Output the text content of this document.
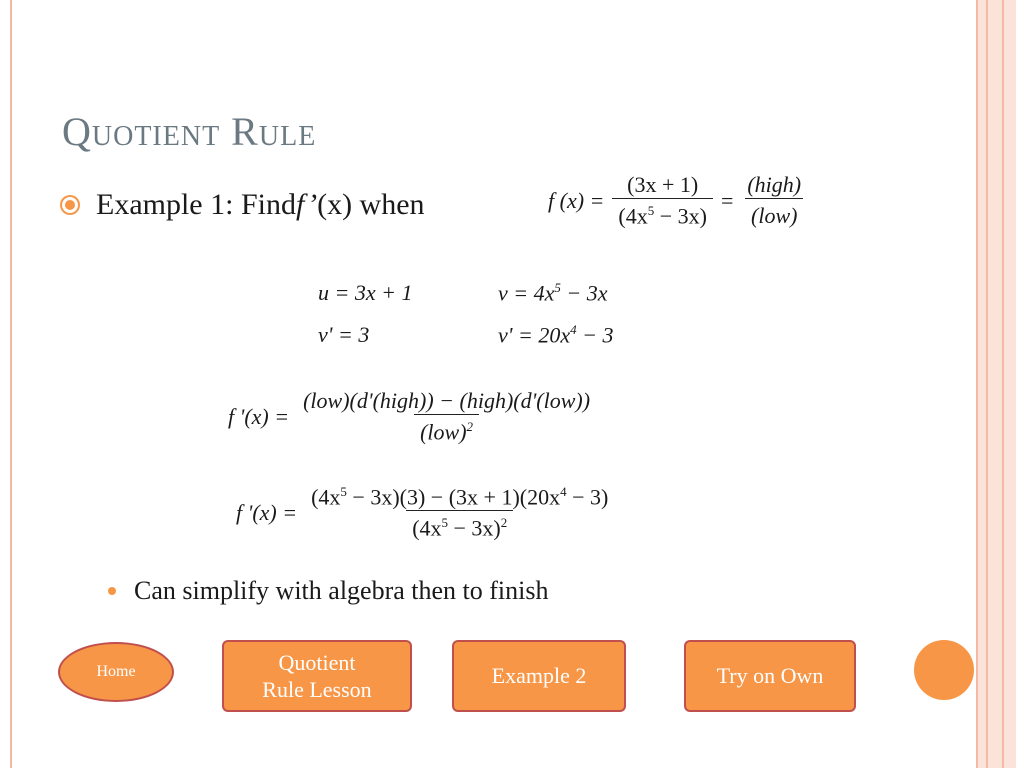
Quotient Rule
Example 1: Find f’ (x) when	f $(x) = \frac{(3x + 1)}{(4x^5 - 3x)} = \frac{\text{(high)}}{\text{(low)}}$
u = 3x + 1	$v = 4x^5 - 3x$
v' = 3	$v' = 20x^4 - 3$
f '$(x) = \frac{\text{(low)(d'(high)) − (high)(d'(low))}}{(low)^2}$
f '$(x) = \frac{(4x^5 - 3x)(3) - (3x + 1)(20x^4 - 3)}{(4x^5 - 3x)^2}$
Can simplify with algebra then to finish
Home	Quotient
Rule Lesson
Example 2	Try on Own
